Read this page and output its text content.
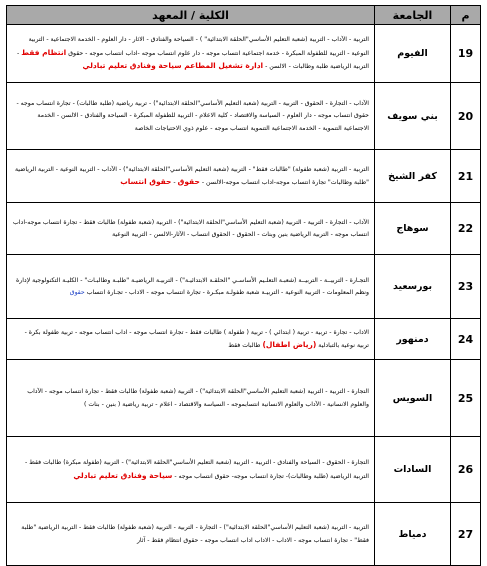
م	الجامعة	الكلية / المعهد
19	الفيوم	التربية - الآداب - التربية (شعبة التعليم الأساسي"الحلقة الابتدائية" ) - السياحة والفنادق - الاثار - دار العلوم - الخدمة الاجتماعية - التربية النوعية - التربية للطفولة المبكرة - خدمة اجتماعية انتساب موجه - دار علوم انتساب موجه -اداب انتساب موجه - حقوق انتظام فقط - التربية الرياضية طلبة وطالبات - الالسن - ادارة تشغيل المطاعم سياحة وفنادق تعليم تبادلي
20	بني سويف	الآداب - التجارة - الحقوق - التربية - التربية (شعبة التعليم الأساسي"الحلقة الابتدائية") - تربية رياضية (طلبة طالبات) - تجارة انتساب موجه - حقوق انتساب موجه - دار العلوم - السياسة والاقتصاد - كلية الاعلام - التربية للطفولة المبكرة - السياحة والفنادق - الالسن - الخدمة الاجتماعية التنموية - الخدمة الاجتماعية التنموية انتساب موجه - علوم ذوي الاحتياجات الخاصة
21	كفر الشيخ	التربية - التربية (شعبة طفولة) "طالبات فقط" - التربية (شعبة التعليم الأساسي"الحلقة الابتدائية") - الآداب - التربية النوعية - التربية الرياضية "طلبة وطالبات" تجارة انتساب موجه-اداب انتساب موجه-الالسن - حقوق - حقوق انتساب
22	سوهاج	الآداب - التجارة - التربية - التربية (شعبة التعليم الأساسي"الحلقة الابتدائية") - التربية (شعبة طفولة) طالبات فقط - تجارة انتساب موجه-اداب انتساب موجه - التربية الرياضية بنين وبنات - الحقوق - الحقوق انتساب - الآثار-الالسن - التربية النوعية
23	بورسعيد	التجـارة - التربيــة - التربيــة (شعبـة التعلـيم الأساسـي "الحلقـة الابتدائيـة") - التربيـة الرياضيـة "طلبـة وطالبـات" - الكليـة التكنولوجية لإدارة ونظم المعلومات - التربية النوعية - التربيـة شعبة طفولـة مبكـرة - تجارة انتساب موجه - الاداب - تجـارة انتساب حقوق
24	دمنهور	الاداب - تجارة - تربية - تربية ( ابتدائي ) - تربية ( طفولة ) طالبات فقط - تجارة انتساب موجه - اداب انتساب موجه - تربية طفولة بكرة - تربية نوعية بالتبادلية (رياض اطفال) طالبات فقط
25	السويس	التجارة - التربية - التربية (شعبة التعليم الأساسي"الحلقة الابتدائية") - التربية (شعبة طفولة) طالبات فقط - تجارة انتساب موجه - الآداب والعلوم الانسانية - الآداب والعلوم الانسانية انتسابموجه - السياسة والاقتصاد - اعلام - تربية رياضية ( بنين - بنات )
26	السادات	التجارة - الحقوق - السياحة والفنادق - التربية - التربية (شعبة التعليم الأساسي"الحلقة الابتدائية") - التربية (طفولة مبكرة) طالبات فقط - التربية الرياضية (طلبة وطالبات)- تجارة انتساب موجه- حقوق انتساب موجه - سياحة وفنادق تعليم تبادلي
27	دمياط	التربية - التربية (شعبة التعليم الأساسي"الحلقة الابتدائية") - التجارة - التربية - التربية (شعبة طفولة) طالبات فقط - التربية الرياضية "طلبة فقط" - تجارة انتساب موجه - الاداب - الاداب اداب انتساب موجه - حقوق انتظام فقط - آثار
